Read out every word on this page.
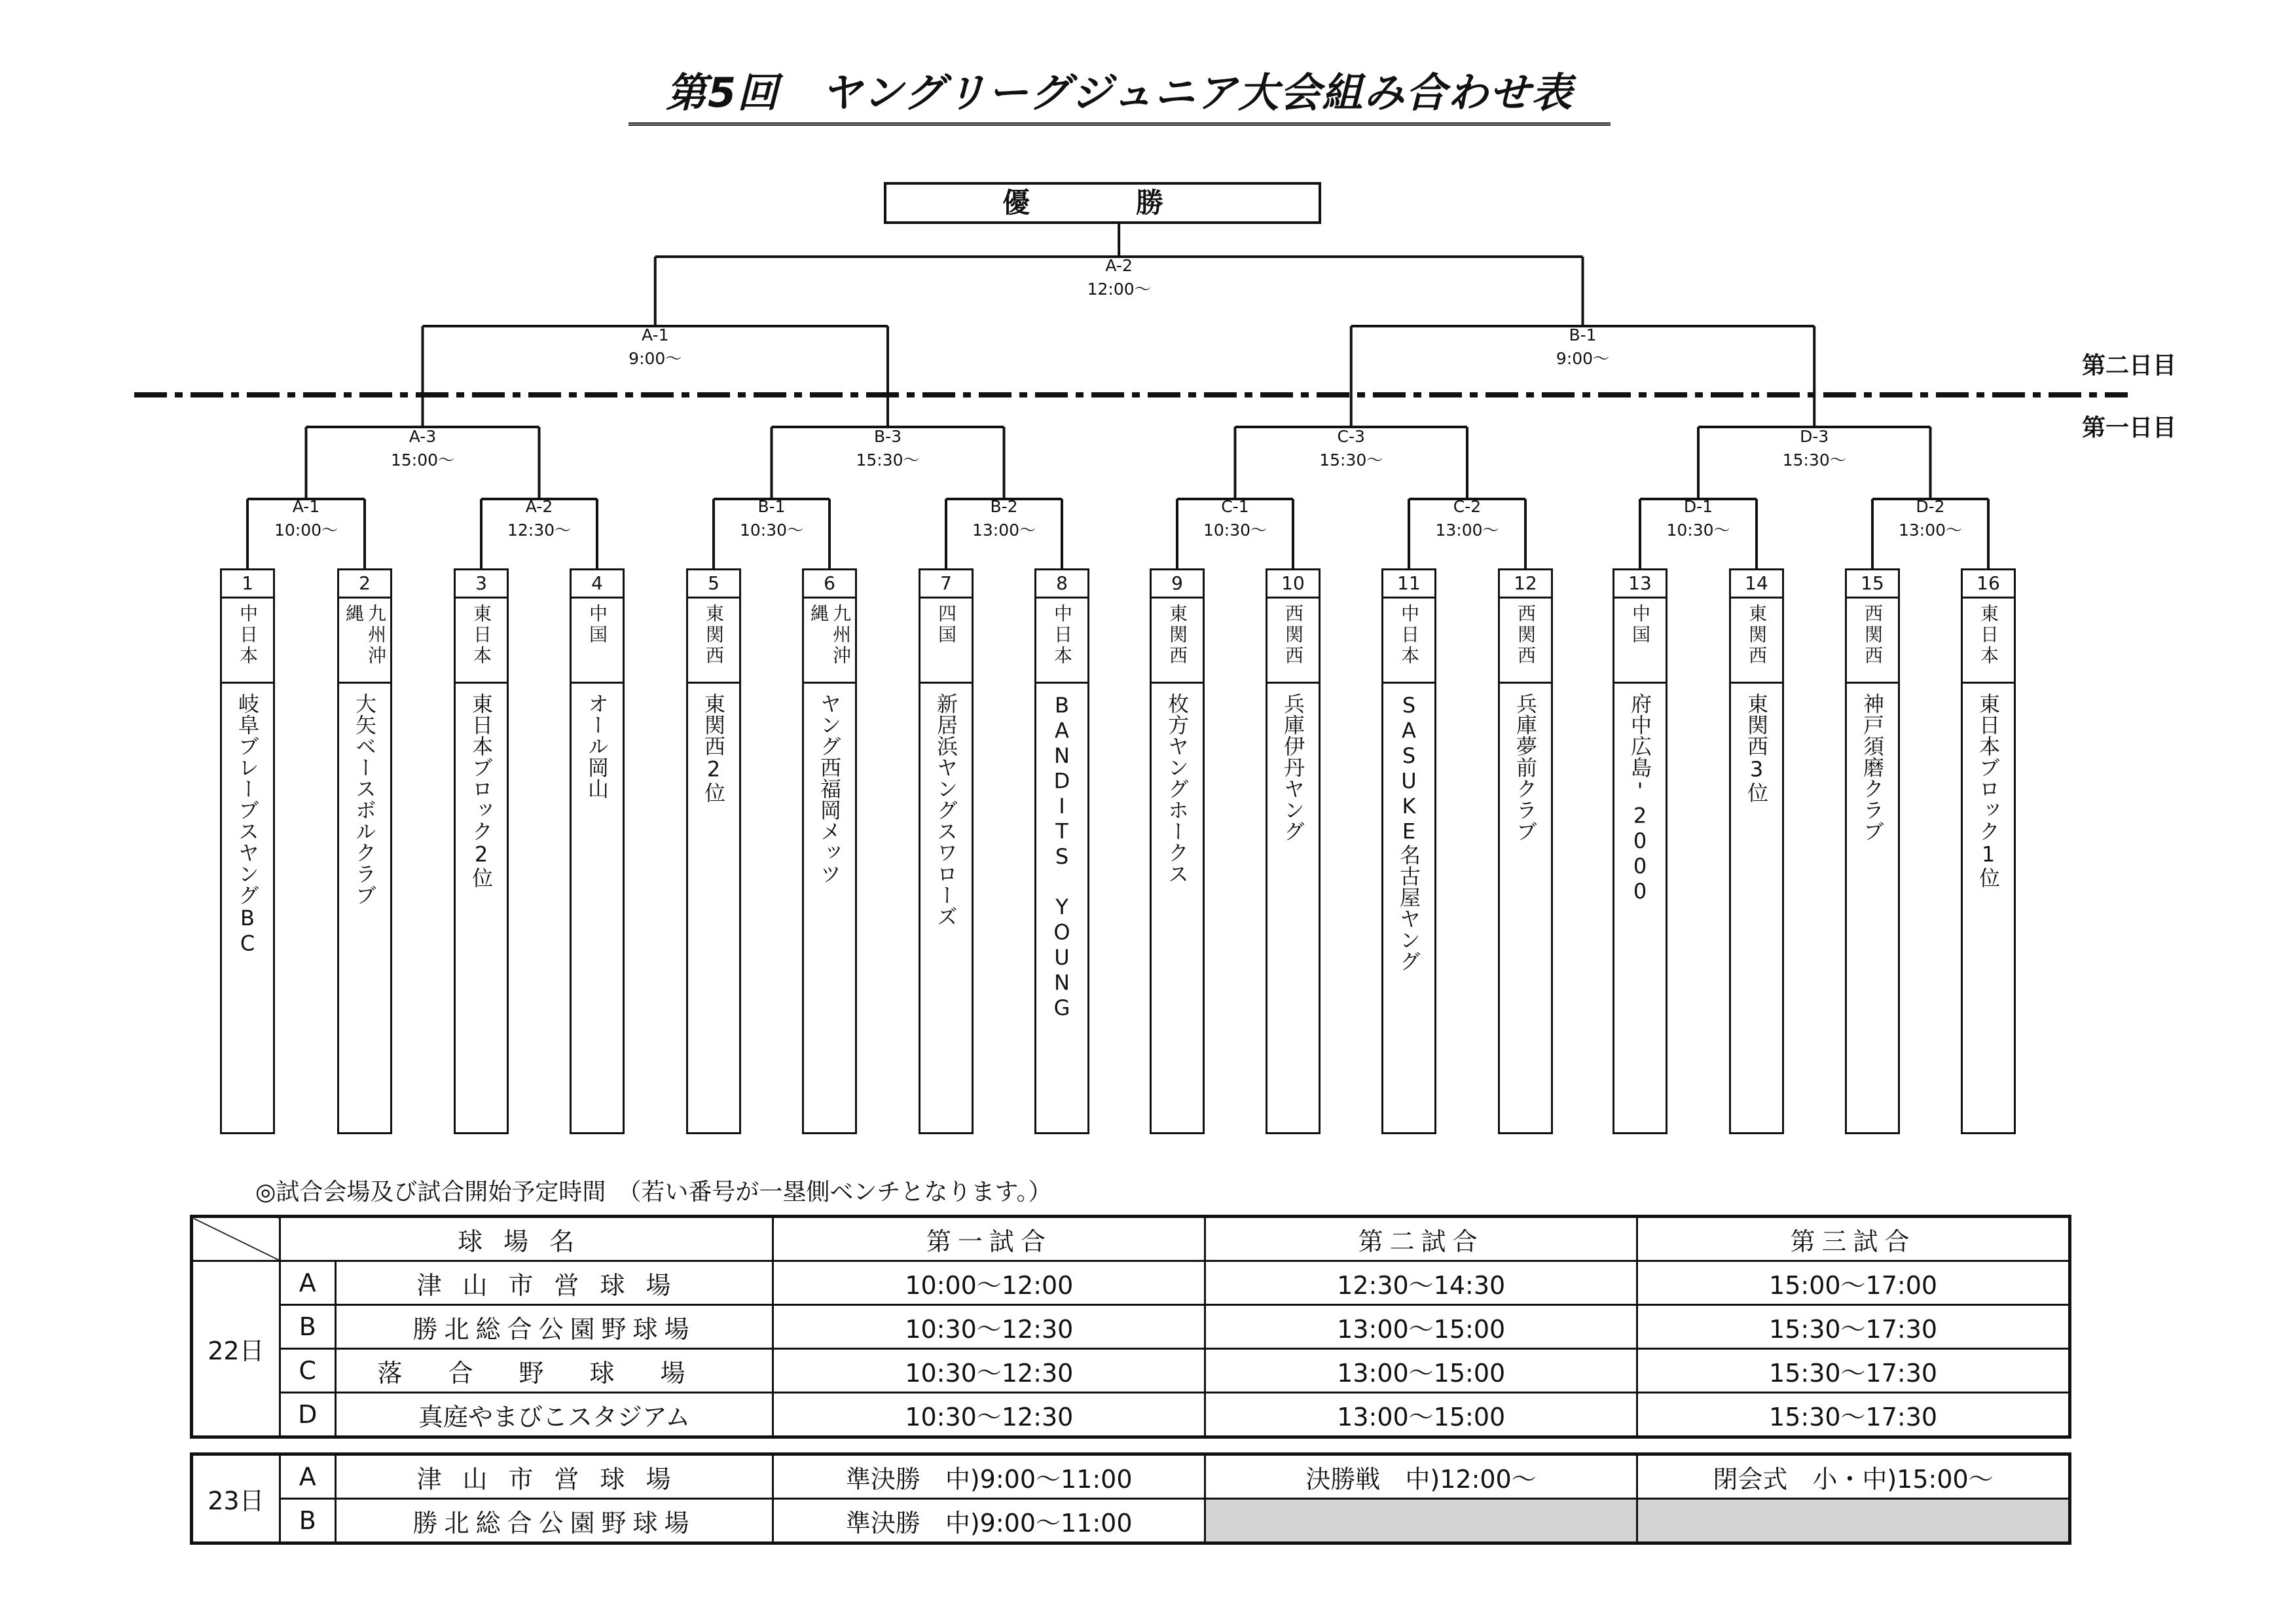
第5回　ヤングリーグジュニア大会組み合わせ表
優　勝
第二日目
第一日目
A-1
10:00〜
A-2
12:30〜
B-1
10:30〜
B-2
13:00〜
C-1
10:30〜
C-2
13:00〜
D-1
10:30〜
D-2
13:00〜
A-3
15:00〜
B-3
15:30〜
C-3
15:30〜
D-3
15:30〜
A-1
9:00〜
B-1
9:00〜
A-2
12:00〜
1
中日本
岐阜ブレーブスヤングBC
2
九州沖縄
大矢ベースボルクラブ
3
東日本
東日本ブロック2位
4
中国
オール岡山
5
東関西
東関西2位
6
九州沖縄
ヤング西福岡メッツ
7
四国
新居浜ヤングスワローズ
8
中日本
BANDITS YOUNG
9
東関西
枚方ヤングホークス
10
西関西
兵庫伊丹ヤング
11
中日本
SASUKE名古屋ヤング
12
西関西
兵庫夢前クラブ
13
中国
府中広島'2000
14
東関西
東関西3位
15
西関西
神戸須磨クラブ
16
東日本
東日本ブロック1位
◎試合会場及び試合開始予定時間　（若い番号が一塁側ベンチとなります。）
	球場名		第一試合	第二試合	第三試合
22日	A	津山市営球場	10:00〜12:00	12:30〜14:30	15:00〜17:00
	B	勝北総合公園野球場	10:30〜12:30	13:00〜15:00	15:30〜17:30
	C	落合野球場	10:30〜12:30	13:00〜15:00	15:30〜17:30
	D	真庭やまびこスタジアム	10:30〜12:30	13:00〜15:00	15:30〜17:30
23日	A	津山市営球場	準決勝　中)9:00〜11:00	決勝戦　中)12:00〜	閉会式　小・中)15:00〜
	B	勝北総合公園野球場	準決勝　中)9:00〜11:00		
